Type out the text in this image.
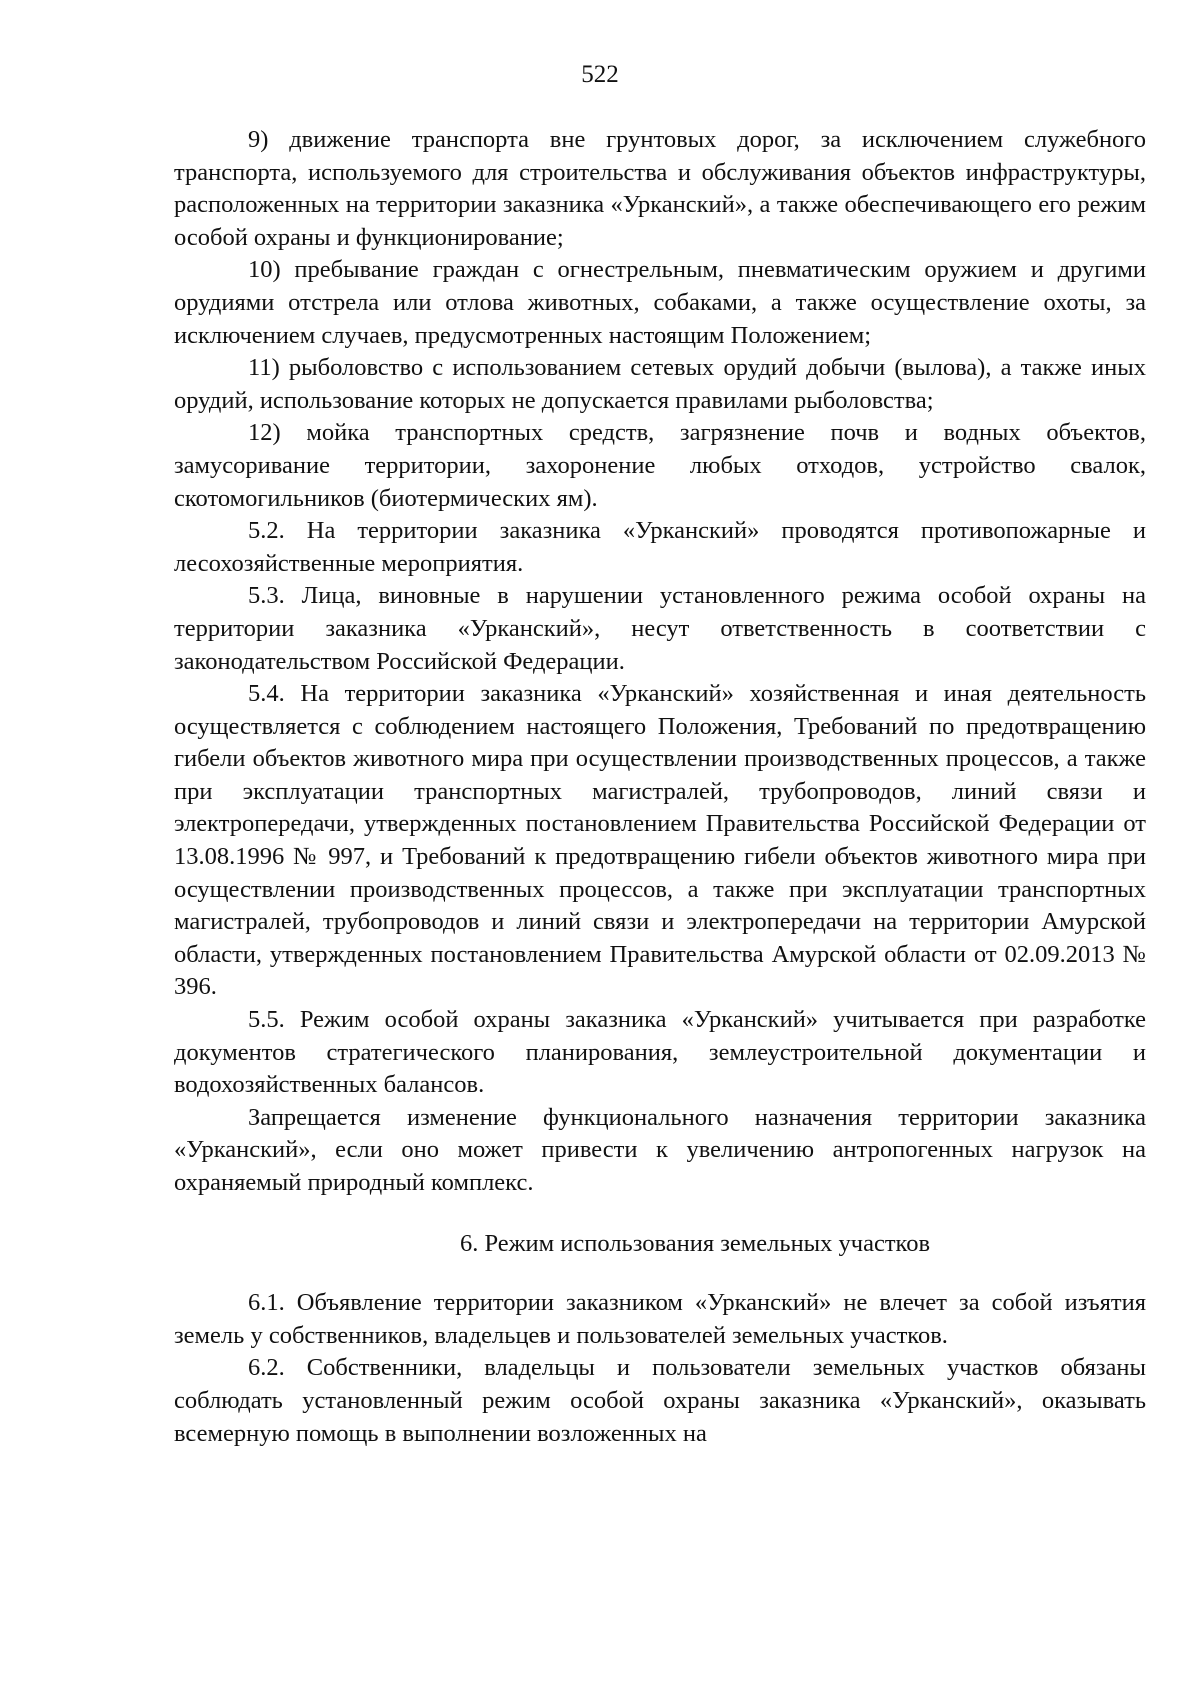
522

9) движение транспорта вне грунтовых дорог, за исключением служебного транспорта, используемого для строительства и обслуживания объектов инфраструктуры, расположенных на территории заказника «Урканский», а также обеспечивающего его режим особой охраны и функционирование;

10) пребывание граждан с огнестрельным, пневматическим оружием и другими орудиями отстрела или отлова животных, собаками, а также осуществление охоты, за исключением случаев, предусмотренных настоящим Положением;

11) рыболовство с использованием сетевых орудий добычи (вылова), а также иных орудий, использование которых не допускается правилами рыболовства;

12) мойка транспортных средств, загрязнение почв и водных объектов, замусоривание территории, захоронение любых отходов, устройство свалок, скотомогильников (биотермических ям).

5.2. На территории заказника «Урканский» проводятся противопожарные и лесохозяйственные мероприятия.

5.3. Лица, виновные в нарушении установленного режима особой охраны на территории заказника «Урканский», несут ответственность в соответствии с законодательством Российской Федерации.

5.4. На территории заказника «Урканский» хозяйственная и иная деятельность осуществляется с соблюдением настоящего Положения, Требований по предотвращению гибели объектов животного мира при осуществлении производственных процессов, а также при эксплуатации транспортных магистралей, трубопроводов, линий связи и электропередачи, утвержденных постановлением Правительства Российской Федерации от 13.08.1996 № 997, и Требований к предотвращению гибели объектов животного мира при осуществлении производственных процессов, а также при эксплуатации транспортных магистралей, трубопроводов и линий связи и электропередачи на территории Амурской области, утвержденных постановлением Правительства Амурской области от 02.09.2013 № 396.

5.5. Режим особой охраны заказника «Урканский» учитывается при разработке документов стратегического планирования, землеустроительной документации и водохозяйственных балансов.

Запрещается изменение функционального назначения территории заказника «Урканский», если оно может привести к увеличению антропогенных нагрузок на охраняемый природный комплекс.

6. Режим использования земельных участков

6.1. Объявление территории заказником «Урканский» не влечет за собой изъятия земель у собственников, владельцев и пользователей земельных участков.

6.2. Собственники, владельцы и пользователи земельных участков обязаны соблюдать установленный режим особой охраны заказника «Урканский», оказывать всемерную помощь в выполнении возложенных на
